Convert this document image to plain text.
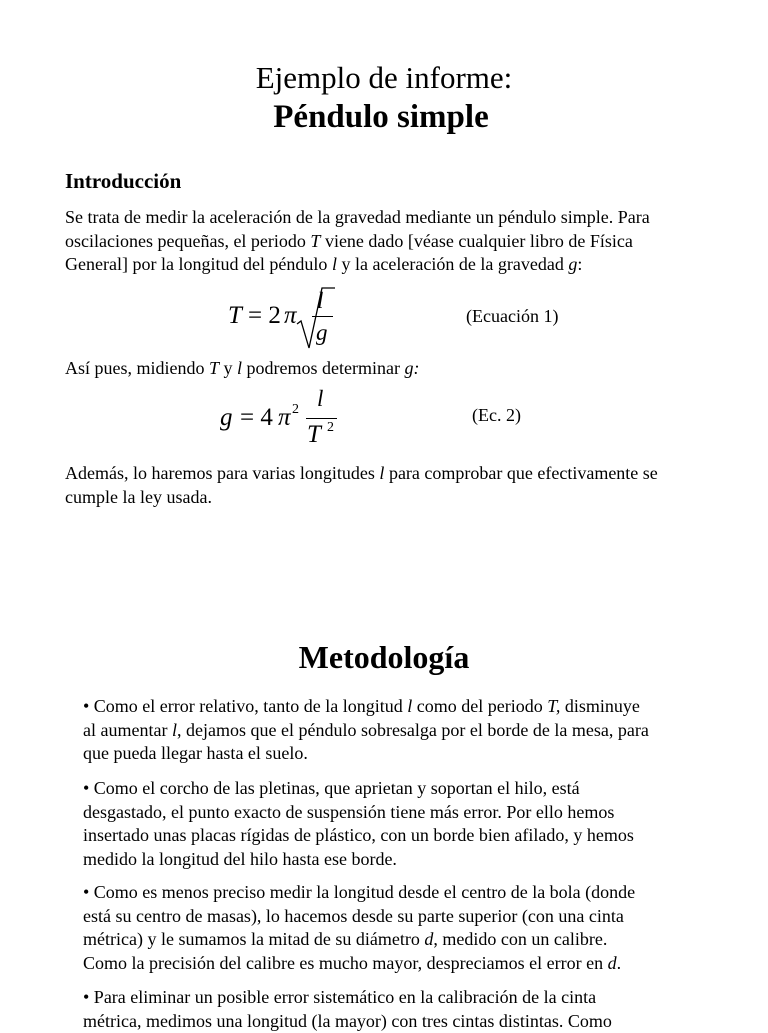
Ejemplo de informe:
Péndulo simple
Introducción

Se trata de medir la aceleración de la gravedad mediante un péndulo simple. Para

oscilaciones pequeñas, el periodo T viene dado [véase cualquier libro de Física

General] por la longitud del péndulo l y la aceleración de la gravedad g:

T = 2 π
l
g
(Ecuación 1)

Así pues, midiendo T y l podremos determinar g:

g = 4 π 2 l
T 2
(Ec. 2)

Además, lo haremos para varias longitudes l para comprobar que efectivamente se

cumple la ley usada.

Metodología

• Como el error relativo, tanto de la longitud l como del periodo T, disminuye

al aumentar l, dejamos que el péndulo sobresalga por el borde de la mesa, para

que pueda llegar hasta el suelo.

• Como el corcho de las pletinas, que aprietan y soportan el hilo, está

desgastado, el punto exacto de suspensión tiene más error. Por ello hemos

insertado unas placas rígidas de plástico, con un borde bien afilado, y hemos

medido la longitud del hilo hasta ese borde.

• Como es menos preciso medir la longitud desde el centro de la bola (donde

está su centro de masas), lo hacemos desde su parte superior (con una cinta

métrica) y le sumamos la mitad de su diámetro d, medido con un calibre.

Como la precisión del calibre es mucho mayor, despreciamos el error en d.

• Para eliminar un posible error sistemático en la calibración de la cinta

métrica, medimos una longitud (la mayor) con tres cintas distintas. Como
